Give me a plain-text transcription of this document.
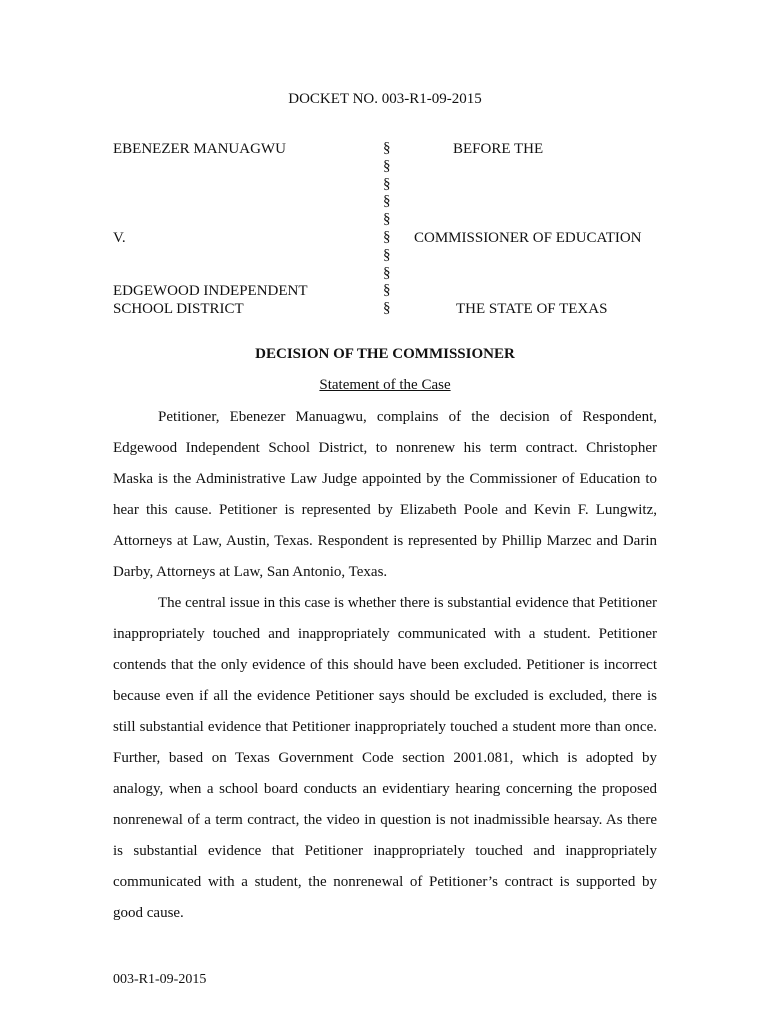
DOCKET NO. 003-R1-09-2015
EBENEZER MANUAGWU
V.
EDGEWOOD INDEPENDENT
SCHOOL DISTRICT
§
§
§
§
§
§
§
§
§
§
BEFORE THE
COMMISSIONER OF EDUCATION
THE STATE OF TEXAS
DECISION OF THE COMMISSIONER
Statement of the Case

Petitioner, Ebenezer Manuagwu, complains of the decision of Respondent, Edgewood Independent School District, to nonrenew his term contract. Christopher Maska is the Administrative Law Judge appointed by the Commissioner of Education to hear this cause. Petitioner is represented by Elizabeth Poole and Kevin F. Lungwitz, Attorneys at Law, Austin, Texas. Respondent is represented by Phillip Marzec and Darin Darby, Attorneys at Law, San Antonio, Texas.

The central issue in this case is whether there is substantial evidence that Petitioner inappropriately touched and inappropriately communicated with a student. Petitioner contends that the only evidence of this should have been excluded. Petitioner is incorrect because even if all the evidence Petitioner says should be excluded is excluded, there is still substantial evidence that Petitioner inappropriately touched a student more than once. Further, based on Texas Government Code section 2001.081, which is adopted by analogy, when a school board conducts an evidentiary hearing concerning the proposed nonrenewal of a term contract, the video in question is not inadmissible hearsay. As there is substantial evidence that Petitioner inappropriately touched and inappropriately communicated with a student, the nonrenewal of Petitioner’s contract is supported by good cause.

003-R1-09-2015
